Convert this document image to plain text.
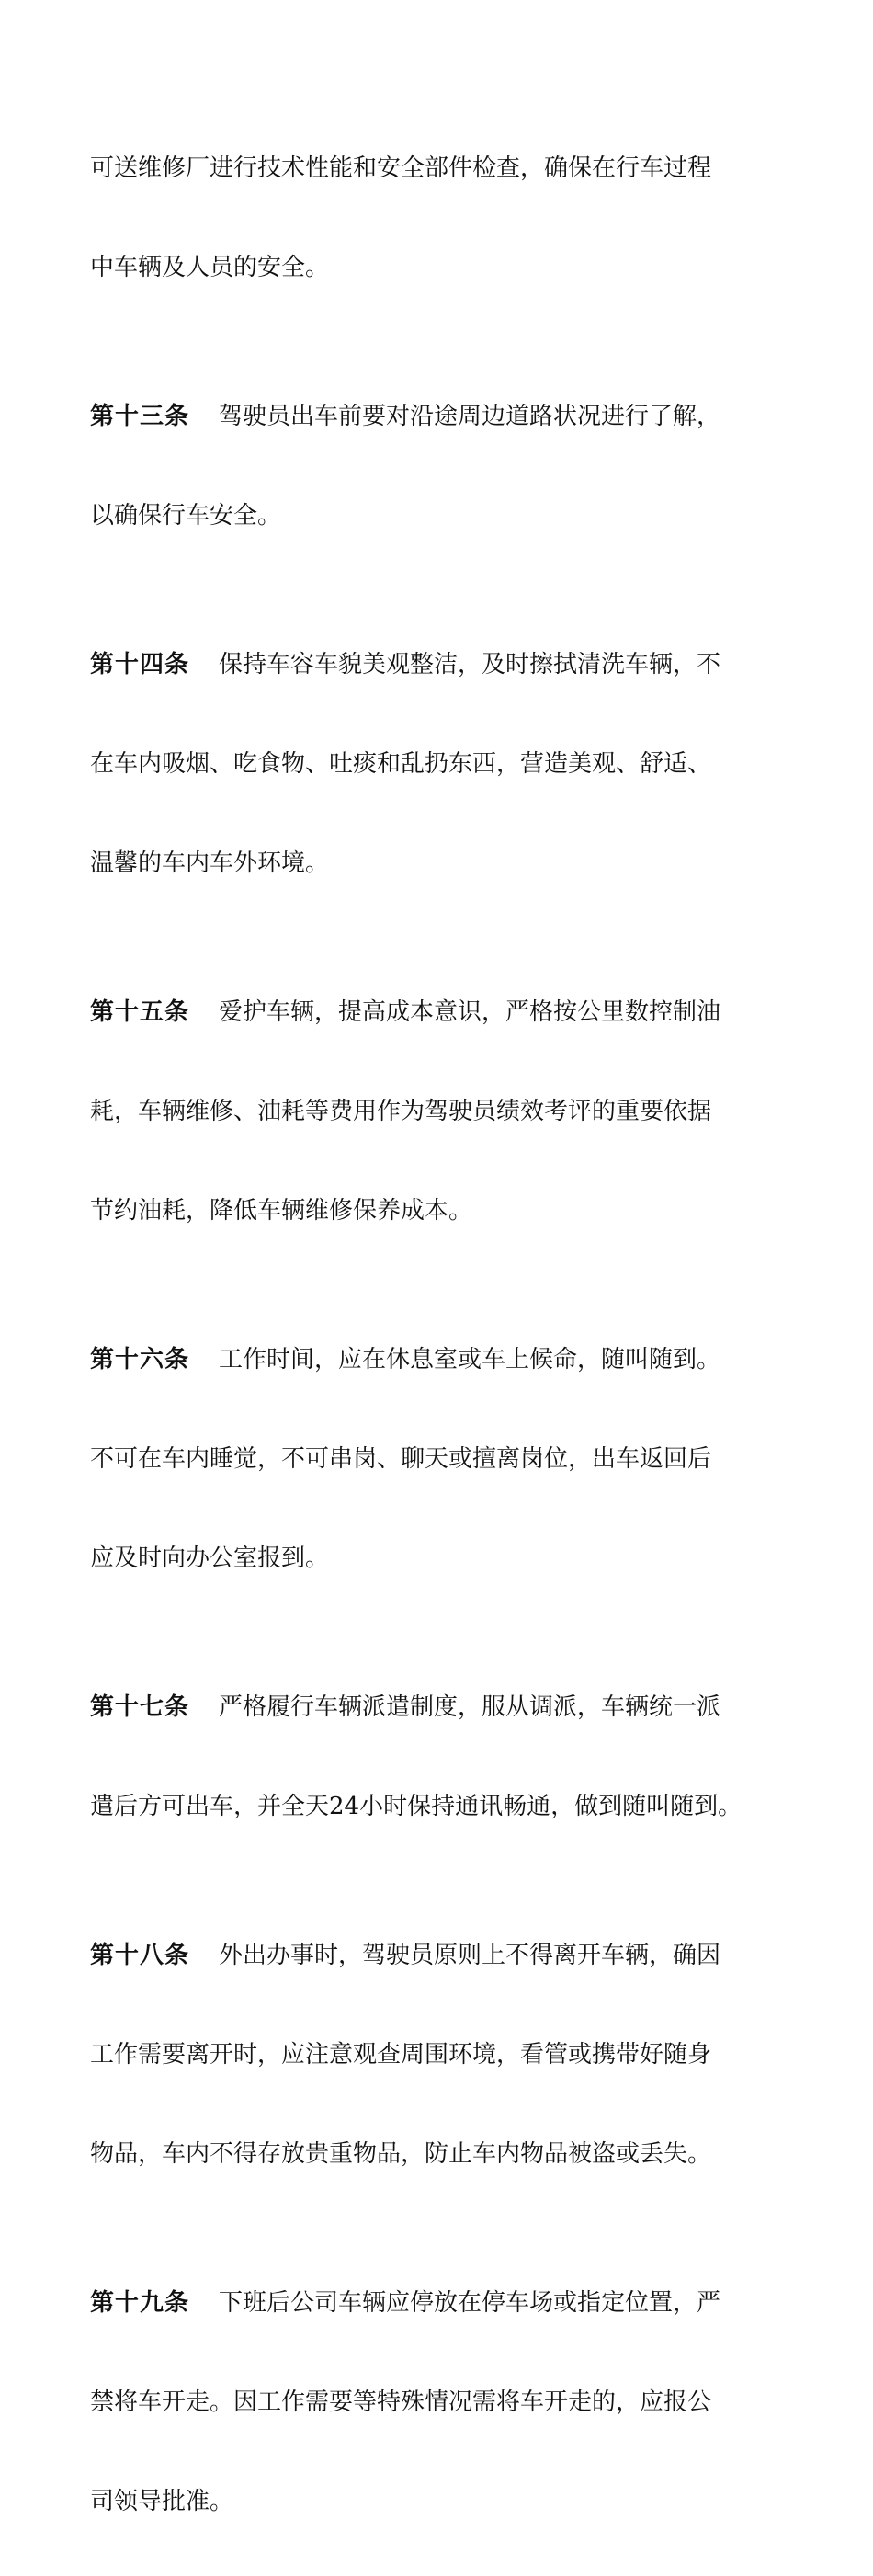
可送维修厂进行技术性能和安全部件检查，确保在行车过程

中车辆及人员的安全。

第十三条 驾驶员出车前要对沿途周边道路状况进行了解，

以确保行车安全。

第十四条 保持车容车貌美观整洁，及时擦拭清洗车辆，不

在车内吸烟、吃食物、吐痰和乱扔东西，营造美观、舒适、

温馨的车内车外环境。

第十五条 爱护车辆，提高成本意识，严格按公里数控制油

耗，车辆维修、油耗等费用作为驾驶员绩效考评的重要依据

节约油耗，降低车辆维修保养成本。

第十六条 工作时间，应在休息室或车上候命，随叫随到。

不可在车内睡觉，不可串岗、聊天或擅离岗位，出车返回后

应及时向办公室报到。

第十七条 严格履行车辆派遣制度，服从调派，车辆统一派

遣后方可出车，并全天24小时保持通讯畅通，做到随叫随到。

第十八条 外出办事时，驾驶员原则上不得离开车辆，确因

工作需要离开时，应注意观查周围环境，看管或携带好随身

物品，车内不得存放贵重物品，防止车内物品被盗或丢失。

第十九条 下班后公司车辆应停放在停车场或指定位置，严

禁将车开走。因工作需要等特殊情况需将车开走的，应报公

司领导批准。
